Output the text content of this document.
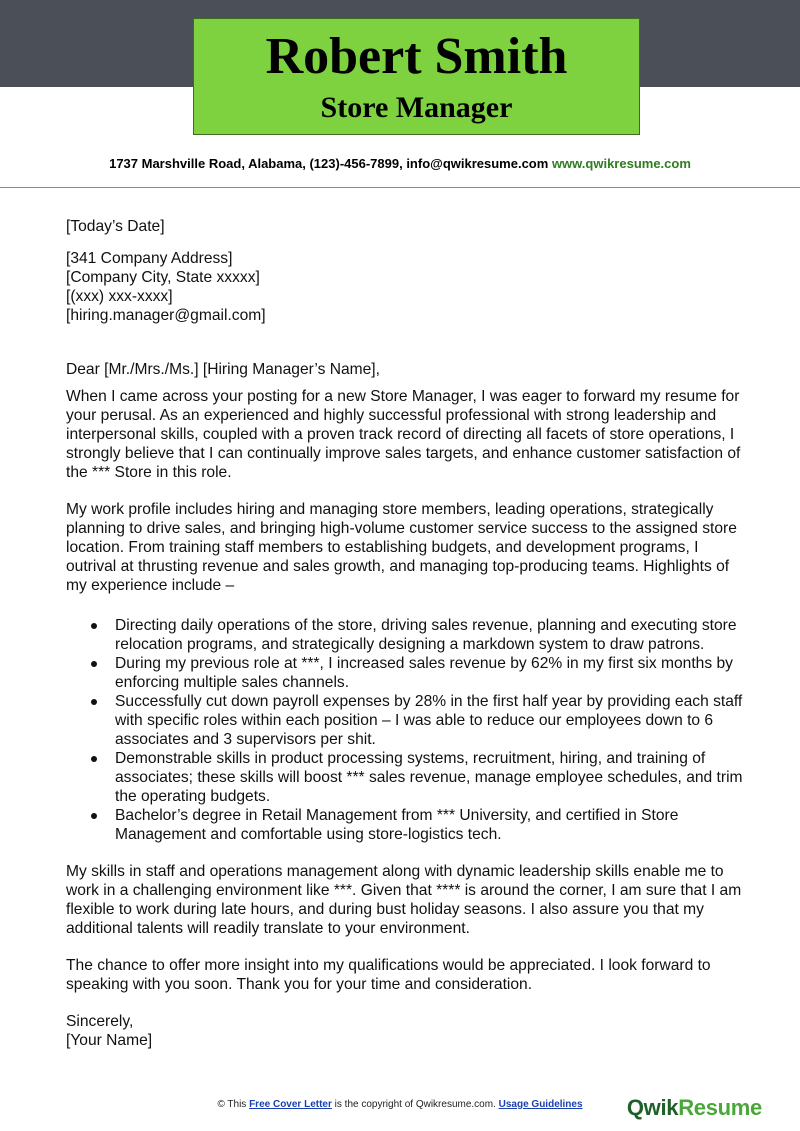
Robert Smith
Store Manager
1737 Marshville Road, Alabama, (123)-456-7899, info@qwikresume.com www.qwikresume.com

[Today’s Date]

[341 Company Address]

[Company City, State xxxxx]

[(xxx) xxx-xxxx]

[hiring.manager@gmail.com]

Dear [Mr./Mrs./Ms.] [Hiring Manager’s Name],

When I came across your posting for a new Store Manager, I was eager to forward my resume for your perusal. As an experienced and highly successful professional with strong leadership and interpersonal skills, coupled with a proven track record of directing all facets of store operations, I strongly believe that I can continually improve sales targets, and enhance customer satisfaction of the *** Store in this role.

My work profile includes hiring and managing store members, leading operations, strategically planning to drive sales, and bringing high-volume customer service success to the assigned store location. From training staff members to establishing budgets, and development programs, I outrival at thrusting revenue and sales growth, and managing top-producing teams. Highlights of my experience include –

Directing daily operations of the store, driving sales revenue, planning and executing store relocation programs, and strategically designing a markdown system to draw patrons.
During my previous role at ***, I increased sales revenue by 62% in my first six months by enforcing multiple sales channels.
Successfully cut down payroll expenses by 28% in the first half year by providing each staff with specific roles within each position – I was able to reduce our employees down to 6 associates and 3 supervisors per shit.
Demonstrable skills in product processing systems, recruitment, hiring, and training of associates; these skills will boost *** sales revenue, manage employee schedules, and trim the operating budgets.
Bachelor’s degree in Retail Management from *** University, and certified in Store Management and comfortable using store-logistics tech.

My skills in staff and operations management along with dynamic leadership skills enable me to work in a challenging environment like ***. Given that **** is around the corner, I am sure that I am flexible to work during late hours, and during bust holiday seasons. I also assure you that my additional talents will readily translate to your environment.

The chance to offer more insight into my qualifications would be appreciated. I look forward to speaking with you soon. Thank you for your time and consideration.

Sincerely,

[Your Name]

© This Free Cover Letter is the copyright of Qwikresume.com. Usage Guidelines	QwikResume
